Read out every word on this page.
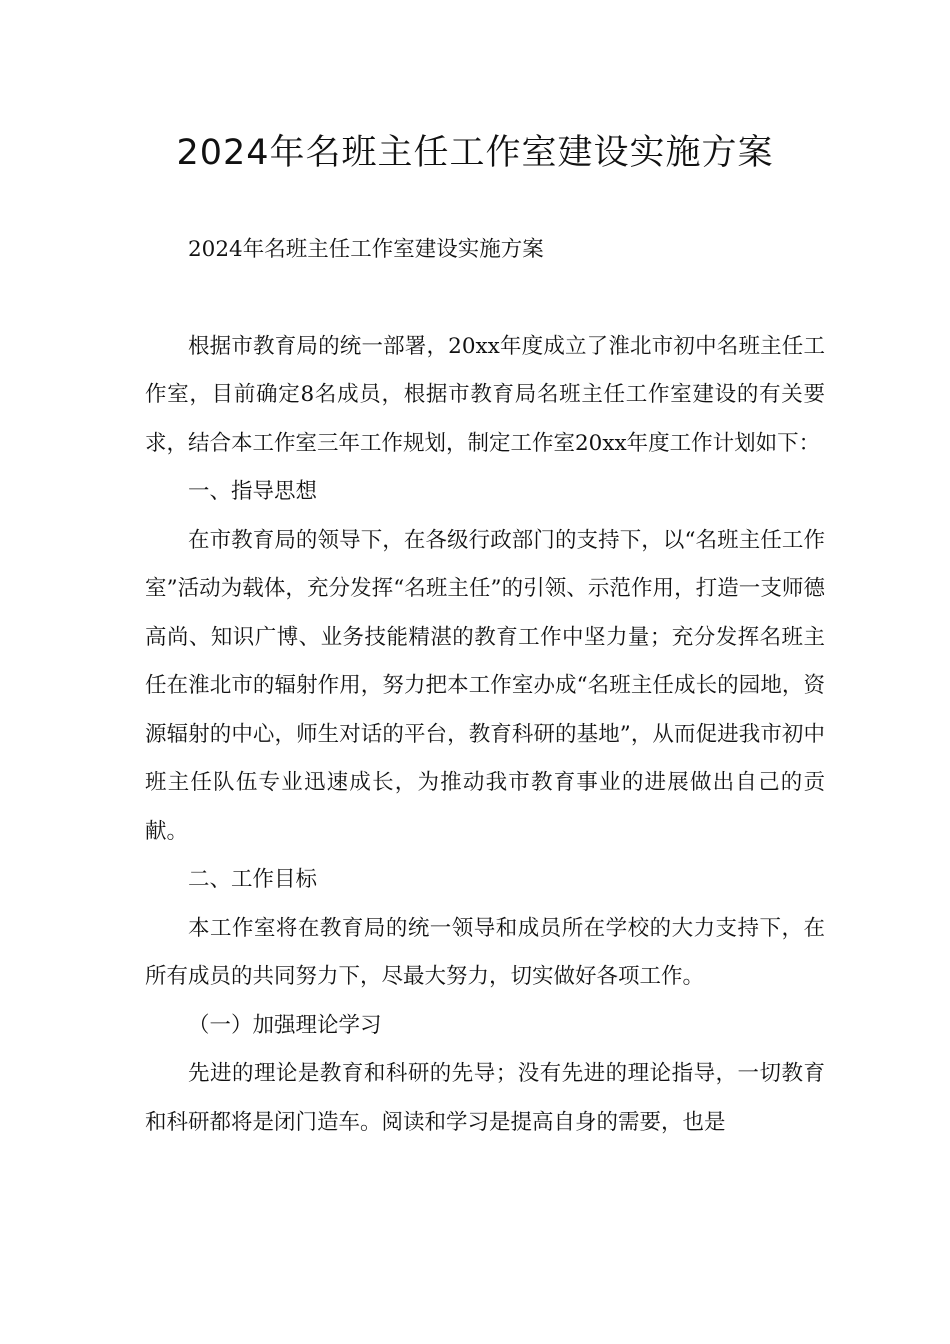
2024年名班主任工作室建设实施方案

2024年名班主任工作室建设实施方案

根据市教育局的统一部署，20xx年度成立了淮北市初中名班主任工作室，目前确定8名成员，根据市教育局名班主任工作室建设的有关要求，结合本工作室三年工作规划，制定工作室20xx年度工作计划如下：

一、指导思想

在市教育局的领导下，在各级行政部门的支持下，以“名班主任工作室”活动为载体，充分发挥“名班主任”的引领、示范作用，打造一支师德高尚、知识广博、业务技能精湛的教育工作中坚力量；充分发挥名班主任在淮北市的辐射作用，努力把本工作室办成“名班主任成长的园地，资源辐射的中心，师生对话的平台，教育科研的基地”，从而促进我市初中班主任队伍专业迅速成长，为推动我市教育事业的进展做出自己的贡献。

二、工作目标

本工作室将在教育局的统一领导和成员所在学校的大力支持下，在所有成员的共同努力下，尽最大努力，切实做好各项工作。

（一）加强理论学习

先进的理论是教育和科研的先导；没有先进的理论指导，一切教育和科研都将是闭门造车。阅读和学习是提高自身的需要，也是
